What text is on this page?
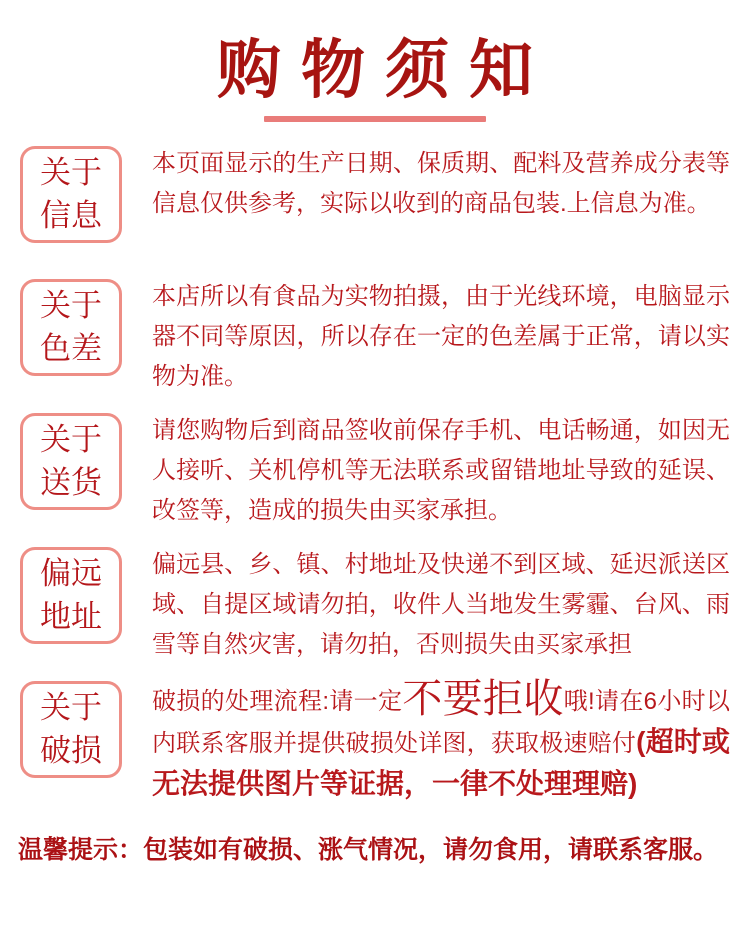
购物须知
关于
信息
本页面显示的生产日期、保质期、配料及营养成分表等信息仅供参考，实际以收到的商品包装.上信息为准。
关于
色差
本店所以有食品为实物拍摄，由于光线环境，电脑显示器不同等原因，所以存在一定的色差属于正常，请以实物为准。
关于
送货
请您购物后到商品签收前保存手机、电话畅通，如因无人接听、关机停机等无法联系或留错地址导致的延误、改签等，造成的损失由买家承担。
偏远
地址
偏远县、乡、镇、村地址及快递不到区域、延迟派送区域、自提区域请勿拍，收件人当地发生雾霾、台风、雨雪等自然灾害，请勿拍，否则损失由买家承担
关于
破损
破损的处理流程:请一定不要拒收哦!请在6小时以内联系客服并提供破损处详图，获取极速赔付(超时或无法提供图片等证据，一律不处理理赔)
温馨提示：包装如有破损、涨气情况，请勿食用，请联系客服。
